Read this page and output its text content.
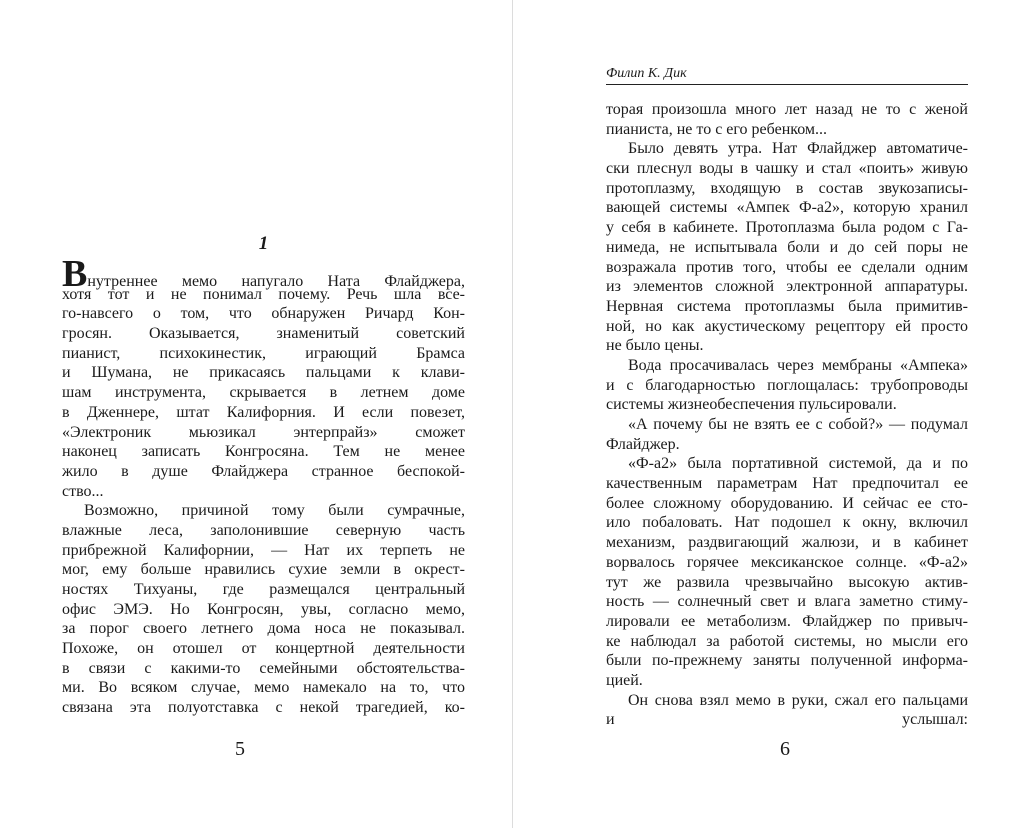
1
Внутреннее мемо напугало Ната Флайджера,
хотя тот и не понимал почему. Речь шла все-
го-навсего о том, что обнаружен Ричард Кон-
гросян. Оказывается, знаменитый советский
пианист, психокинестик, играющий Брамса
и Шумана, не прикасаясь пальцами к клави-
шам инструмента, скрывается в летнем доме
в Дженнере, штат Калифорния. И если повезет,
«Электроник мьюзикал энтерпрайз» сможет
наконец записать Конгросяна. Тем не менее
жило в душе Флайджера странное беспокой-
ство...
Возможно, причиной тому были сумрачные,
влажные леса, заполонившие северную часть
прибрежной Калифорнии, — Нат их терпеть не
мог, ему больше нравились сухие земли в окрест-
ностях Тихуаны, где размещался центральный
офис ЭМЭ. Но Конгросян, увы, согласно мемо,
за порог своего летнего дома носа не показывал.
Похоже, он отошел от концертной деятельности
в связи с какими-то семейными обстоятельства-
ми. Во всяком случае, мемо намекало на то, что
связана эта полуотставка с некой трагедией, ко-
5
Филип К. Дик
торая произошла много лет назад не то с женой
пианиста, не то с его ребенком...
Было девять утра. Нат Флайджер автоматиче-
ски плеснул воды в чашку и стал «поить» живую
протоплазму, входящую в состав звукозаписы-
вающей системы «Ампек Ф-а2», которую хранил
у себя в кабинете. Протоплазма была родом с Га-
нимеда, не испытывала боли и до сей поры не
возражала против того, чтобы ее сделали одним
из элементов сложной электронной аппаратуры.
Нервная система протоплазмы была примитив-
ной, но как акустическому рецептору ей просто
не было цены.
Вода просачивалась через мембраны «Ампека»
и с благодарностью поглощалась: трубопроводы
системы жизнеобеспечения пульсировали.
«А почему бы не взять ее с собой?» — подумал
Флайджер.
«Ф-а2» была портативной системой, да и по
качественным параметрам Нат предпочитал ее
более сложному оборудованию. И сейчас ее сто-
ило побаловать. Нат подошел к окну, включил
механизм, раздвигающий жалюзи, и в кабинет
ворвалось горячее мексиканское солнце. «Ф-а2»
тут же развила чрезвычайно высокую актив-
ность — солнечный свет и влага заметно стиму-
лировали ее метаболизм. Флайджер по привыч-
ке наблюдал за работой системы, но мысли его
были по-прежнему заняты полученной информа-
цией.
Он снова взял мемо в руки, сжал его пальцами
и услышал:
6
